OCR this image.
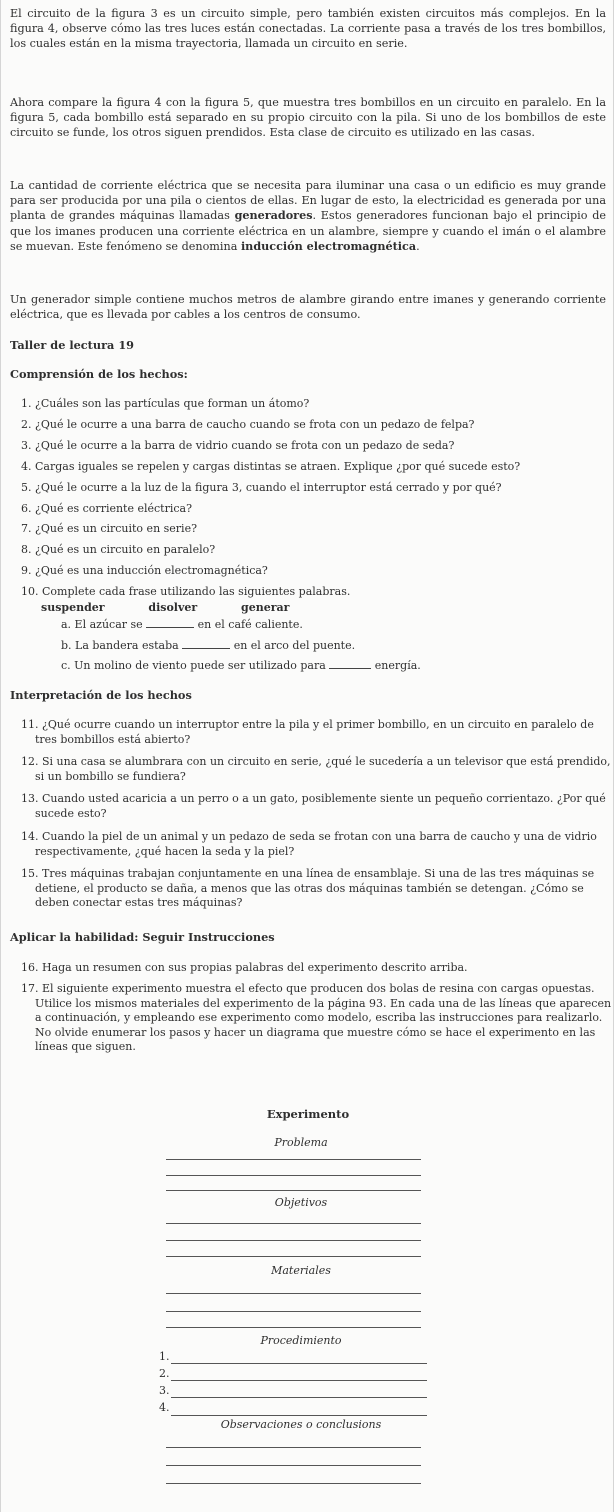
El circuito de la figura 3 es un circuito simple, pero también existen circuitos más complejos. En la figura 4, observe cómo las tres luces están conectadas. La corriente pasa a través de los tres bombillos, los cuales están en la misma trayectoria, llamada un circuito en serie.

Ahora compare la figura 4 con la figura 5, que muestra tres bombillos en un circuito en paralelo. En la figura 5, cada bombillo está separado en su propio circuito con la pila. Si uno de los bombillos de este circuito se funde, los otros siguen prendidos. Esta clase de circuito es utilizado en las casas.

La cantidad de corriente eléctrica que se necesita para iluminar una casa o un edificio es muy grande para ser producida por una pila o cientos de ellas. En lugar de esto, la electricidad es generada por una planta de grandes máquinas llamadas generadores. Estos generadores funcionan bajo el principio de que los imanes producen una corriente eléctrica en un alambre, siempre y cuando el imán o el alambre se muevan. Este fenómeno se denomina inducción electromagnética.

Un generador simple contiene muchos metros de alambre girando entre imanes y generando corriente eléctrica, que es llevada por cables a los centros de consumo.

Taller de lectura 19
Comprensión de los hechos:

1. ¿Cuáles son las partículas que forman un átomo?

2. ¿Qué le ocurre a una barra de caucho cuando se frota con un pedazo de felpa?

3. ¿Qué le ocurre a la barra de vidrio cuando se frota con un pedazo de seda?

4. Cargas iguales se repelen y cargas distintas se atraen. Explique ¿por qué sucede esto?

5. ¿Qué le ocurre a la luz de la figura 3, cuando el interruptor está cerrado y por qué?

6. ¿Qué es corriente eléctrica?

7. ¿Qué es un circuito en serie?

8. ¿Qué es un circuito en paralelo?

9. ¿Qué es una inducción electromagnética?

10. Complete cada frase utilizando las siguientes palabras.

suspender	disolver	generar

a. El azúcar se	en el café caliente.

b. La bandera estaba	en el arco del puente.

c. Un molino de viento puede ser utilizado para	energía.

Interpretación de los hechos

11. ¿Qué ocurre cuando un interruptor entre la pila y el primer bombillo, en un circuito en paralelo de tres bombillos está abierto?

12. Si una casa se alumbrara con un circuito en serie, ¿qué le sucedería a un televisor que está prendido, si un bombillo se fundiera?

13. Cuando usted acaricia a un perro o a un gato, posiblemente siente un pequeño corrientazo. ¿Por qué sucede esto?

14. Cuando la piel de un animal y un pedazo de seda se frotan con una barra de caucho y una de vidrio respectivamente, ¿qué hacen la seda y la piel?

15. Tres máquinas trabajan conjuntamente en una línea de ensamblaje. Si una de las tres máquinas se detiene, el producto se daña, a menos que las otras dos máquinas también se detengan. ¿Cómo se deben conectar estas tres máquinas?

Aplicar la habilidad: Seguir Instrucciones

16. Haga un resumen con sus propias palabras del experimento descrito arriba.

17. El siguiente experimento muestra el efecto que producen dos bolas de resina con cargas opuestas. Utilice los mismos materiales del experimento de la página 93. En cada una de las líneas que aparecen a continuación, y empleando ese experimento como modelo, escriba las instrucciones para realizarlo. No olvide enumerar los pasos y hacer un diagrama que muestre cómo se hace el experimento en las líneas que siguen.

Experimento

Problema

Objetivos

Materiales

Procedimiento

1.

2.

3.

4.

Observaciones o conclusions
